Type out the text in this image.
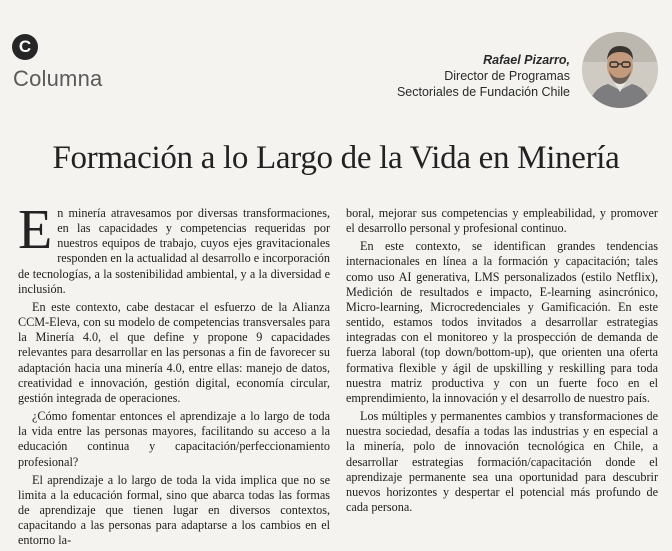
C
Columna
Rafael Pizarro,
Director de Programas
Sectoriales de Fundación Chile
Formación a lo Largo de la Vida en Minería

En minería atravesamos por diversas transformaciones, en las capacidades y competencias requeridas por nuestros equipos de trabajo, cuyos ejes gravitacionales responden en la actualidad al desarrollo e incorporación de tecnologías, a la sostenibilidad ambiental, y a la diversidad e inclusión.

En este contexto, cabe destacar el esfuerzo de la Alianza CCM-Eleva, con su modelo de competencias transversales para la Minería 4.0, el que define y propone 9 capacidades relevantes para desarrollar en las personas a fin de favorecer su adaptación hacia una minería 4.0, entre ellas: manejo de datos, creatividad e innovación, gestión digital, economía circular, gestión integrada de operaciones.

¿Cómo fomentar entonces el aprendizaje a lo largo de toda la vida entre las personas mayores, facilitando su acceso a la educación continua y capacitación/perfeccionamiento profesional?

El aprendizaje a lo largo de toda la vida implica que no se limita a la educación formal, sino que abarca todas las formas de aprendizaje que tienen lugar en diversos contextos, capacitando a las personas para adaptarse a los cambios en el entorno la-

boral, mejorar sus competencias y empleabilidad, y promover el desarrollo personal y profesional continuo.

En este contexto, se identifican grandes tendencias internacionales en línea a la formación y capacitación; tales como uso AI generativa, LMS personalizados (estilo Netflix), Medición de resultados e impacto, E-learning asincrónico, Micro-learning, Microcredenciales y Gamificación. En este sentido, estamos todos invitados a desarrollar estrategias integradas con el monitoreo y la prospección de demanda de fuerza laboral (top down/bottom-up), que orienten una oferta formativa flexible y ágil de upskilling y reskilling para toda nuestra matriz productiva y con un fuerte foco en el emprendimiento, la innovación y el desarrollo de nuestro país.

Los múltiples y permanentes cambios y transformaciones de nuestra sociedad, desafía a todas las industrias y en especial a la minería, polo de innovación tecnológica en Chile, a desarrollar estrategias formación/capacitación donde el aprendizaje permanente sea una oportunidad para descubrir nuevos horizontes y despertar el potencial más profundo de cada persona.
